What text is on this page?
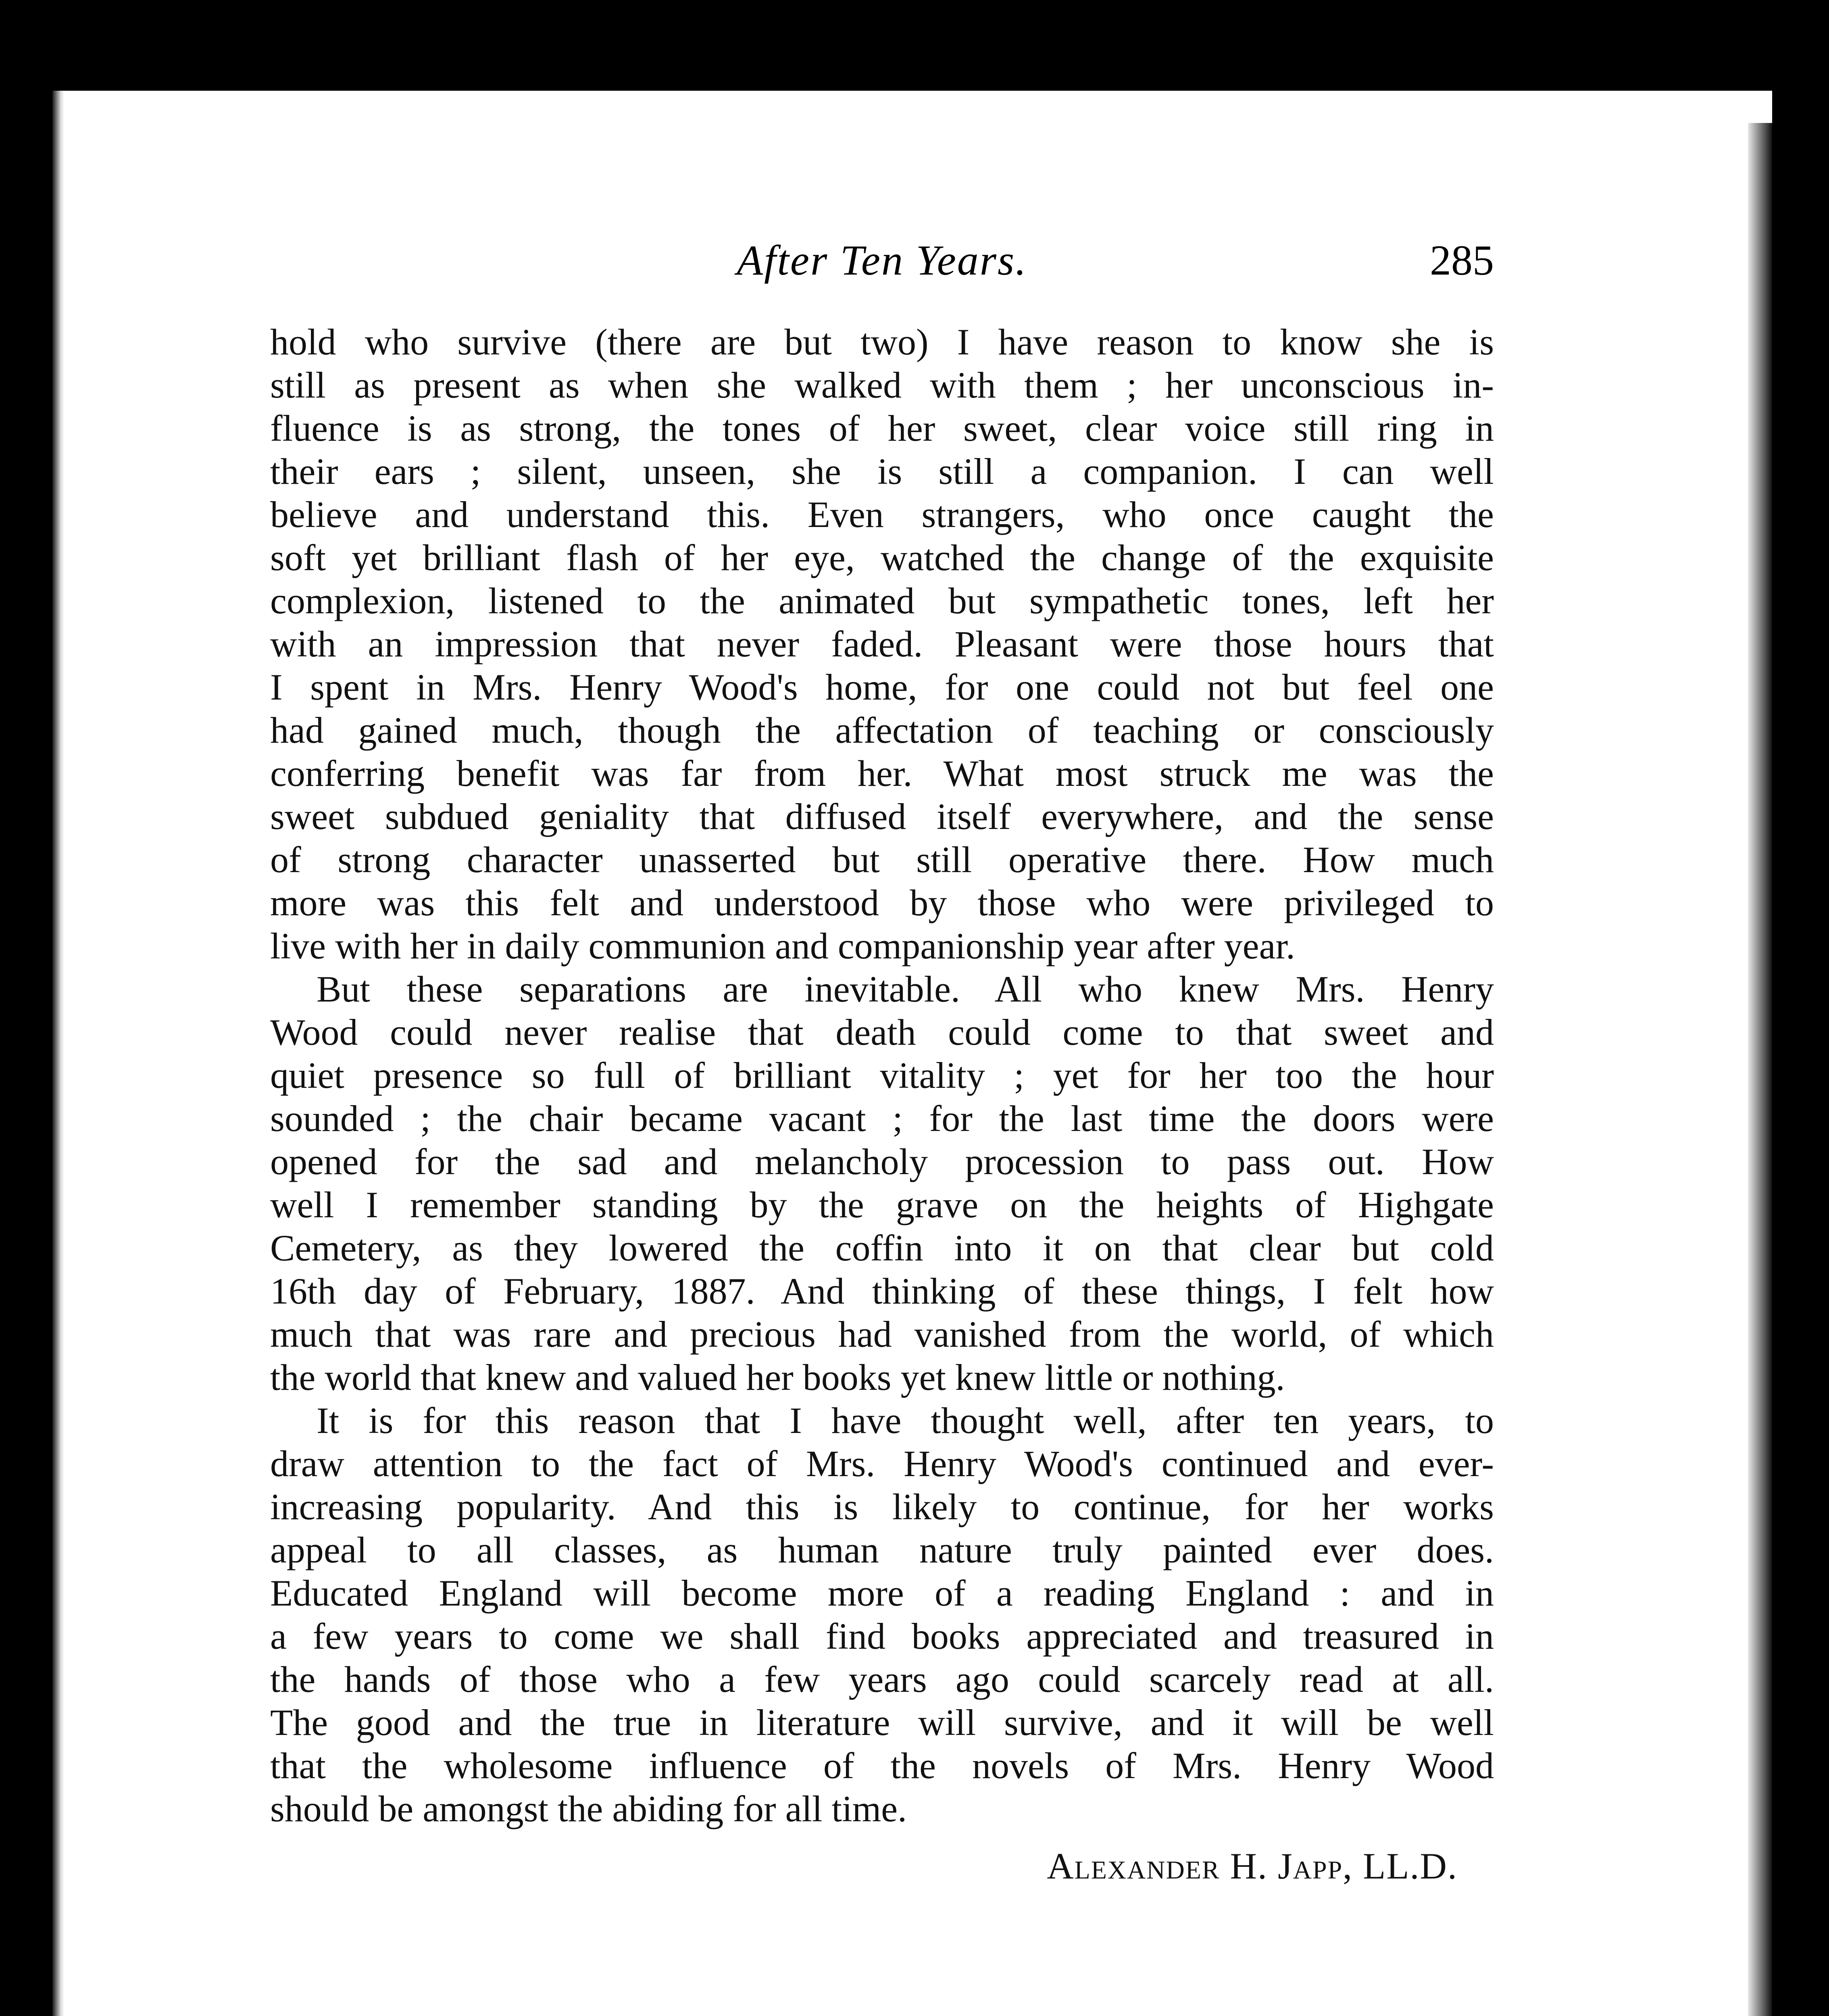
After Ten Years.	285
hold who survive (there are but two) I have reason to know she is
still as present as when she walked with them ; her unconscious in-
fluence is as strong, the tones of her sweet, clear voice still ring in
their ears ; silent, unseen, she is still a companion. I can well
believe and understand this. Even strangers, who once caught the
soft yet brilliant flash of her eye, watched the change of the exquisite
complexion, listened to the animated but sympathetic tones, left her
with an impression that never faded. Pleasant were those hours that
I spent in Mrs. Henry Wood's home, for one could not but feel one
had gained much, though the affectation of teaching or consciously
conferring benefit was far from her. What most struck me was the
sweet subdued geniality that diffused itself everywhere, and the sense
of strong character unasserted but still operative there. How much
more was this felt and understood by those who were privileged to
live with her in daily communion and companionship year after year.
But these separations are inevitable. All who knew Mrs. Henry
Wood could never realise that death could come to that sweet and
quiet presence so full of brilliant vitality ; yet for her too the hour
sounded ; the chair became vacant ; for the last time the doors were
opened for the sad and melancholy procession to pass out. How
well I remember standing by the grave on the heights of Highgate
Cemetery, as they lowered the coffin into it on that clear but cold
16th day of February, 1887. And thinking of these things, I felt how
much that was rare and precious had vanished from the world, of which
the world that knew and valued her books yet knew little or nothing.
It is for this reason that I have thought well, after ten years, to
draw attention to the fact of Mrs. Henry Wood's continued and ever-
increasing popularity. And this is likely to continue, for her works
appeal to all classes, as human nature truly painted ever does.
Educated England will become more of a reading England : and in
a few years to come we shall find books appreciated and treasured in
the hands of those who a few years ago could scarcely read at all.
The good and the true in literature will survive, and it will be well
that the wholesome influence of the novels of Mrs. Henry Wood
should be amongst the abiding for all time.
Alexander H. Japp, LL.D.
